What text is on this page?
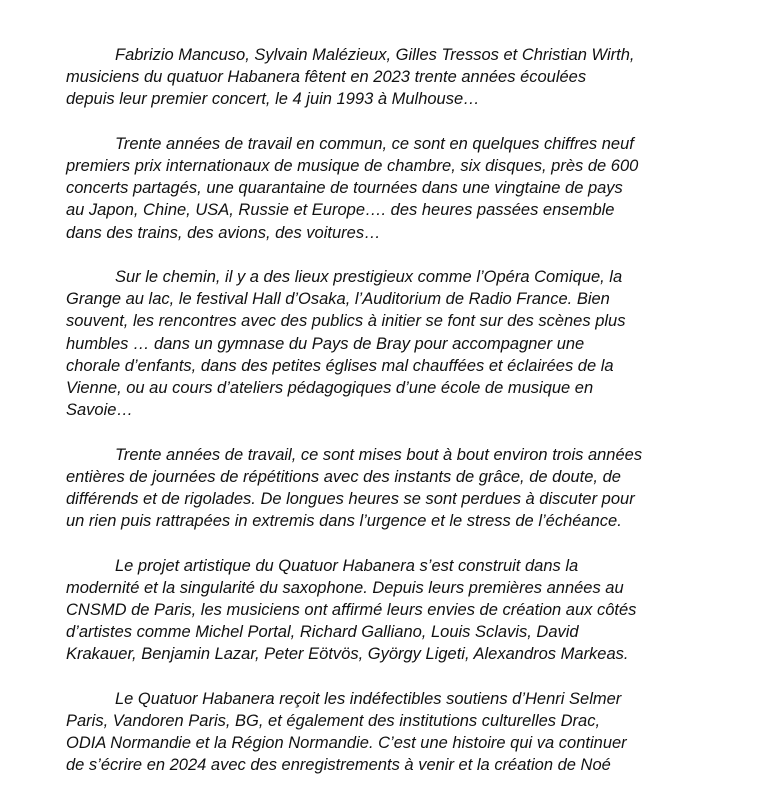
Fabrizio Mancuso, Sylvain Malézieux, Gilles Tressos et Christian Wirth,
musiciens du quatuor Habanera fêtent en 2023 trente années écoulées
depuis leur premier concert, le 4 juin 1993 à Mulhouse…

Trente années de travail en commun, ce sont en quelques chiffres neuf
premiers prix internationaux de musique de chambre, six disques, près de 600
concerts partagés, une quarantaine de tournées dans une vingtaine de pays
au Japon, Chine, USA, Russie et Europe…. des heures passées ensemble
dans des trains, des avions, des voitures…

Sur le chemin, il y a des lieux prestigieux comme l’Opéra Comique, la
Grange au lac, le festival Hall d’Osaka, l’Auditorium de Radio France. Bien
souvent, les rencontres avec des publics à initier se font sur des scènes plus
humbles … dans un gymnase du Pays de Bray pour accompagner une
chorale d’enfants, dans des petites églises mal chauffées et éclairées de la
Vienne, ou au cours d’ateliers pédagogiques d’une école de musique en
Savoie…

Trente années de travail, ce sont mises bout à bout environ trois années
entières de journées de répétitions avec des instants de grâce, de doute, de
différends et de rigolades. De longues heures se sont perdues à discuter pour
un rien puis rattrapées in extremis dans l’urgence et le stress de l’échéance.

Le projet artistique du Quatuor Habanera s’est construit dans la
modernité et la singularité du saxophone. Depuis leurs premières années au
CNSMD de Paris, les musiciens ont affirmé leurs envies de création aux côtés
d’artistes comme Michel Portal, Richard Galliano, Louis Sclavis, David
Krakauer, Benjamin Lazar, Peter Eötvös, György Ligeti, Alexandros Markeas.

Le Quatuor Habanera reçoit les indéfectibles soutiens d’Henri Selmer
Paris, Vandoren Paris, BG, et également des institutions culturelles Drac,
ODIA Normandie et la Région Normandie. C’est une histoire qui va continuer
de s’écrire en 2024 avec des enregistrements à venir et la création de Noé
